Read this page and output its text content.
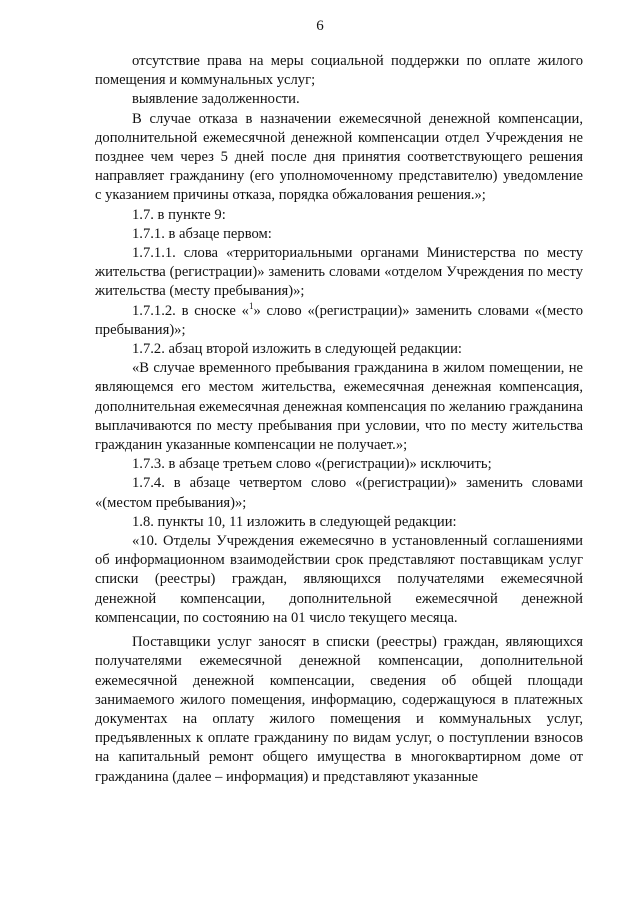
6

отсутствие права на меры социальной поддержки по оплате жилого помещения и коммунальных услуг;

выявление задолженности.

В случае отказа в назначении ежемесячной денежной компенсации, дополнительной ежемесячной денежной компенсации отдел Учреждения не позднее чем через 5 дней после дня принятия соответствующего решения направляет гражданину (его уполномоченному представителю) уведомление с указанием причины отказа, порядка обжалования решения.»;

1.7. в пункте 9:

1.7.1. в абзаце первом:

1.7.1.1. слова «территориальными органами Министерства по месту жительства (регистрации)» заменить словами «отделом Учреждения по месту жительства (месту пребывания)»;

1.7.1.2. в сноске «$^1$» слово «(регистрации)» заменить словами «(место пребывания)»;

1.7.2. абзац второй изложить в следующей редакции:

«В случае временного пребывания гражданина в жилом помещении, не являющемся его местом жительства, ежемесячная денежная компенсация, дополнительная ежемесячная денежная компенсация по желанию гражданина выплачиваются по месту пребывания при условии, что по месту жительства гражданин указанные компенсации не получает.»;

1.7.3. в абзаце третьем слово «(регистрации)» исключить;

1.7.4. в абзаце четвертом слово «(регистрации)» заменить словами «(местом пребывания)»;

1.8. пункты 10, 11 изложить в следующей редакции:

«10. Отделы Учреждения ежемесячно в установленный соглашениями об информационном взаимодействии срок представляют поставщикам услуг списки (реестры) граждан, являющихся получателями ежемесячной денежной компенсации, дополнительной ежемесячной денежной компенсации, по состоянию на 01 число текущего месяца.

Поставщики услуг заносят в списки (реестры) граждан, являющихся получателями ежемесячной денежной компенсации, дополнительной ежемесячной денежной компенсации, сведения об общей площади занимаемого жилого помещения, информацию, содержащуюся в платежных документах на оплату жилого помещения и коммунальных услуг, предъявленных к оплате гражданину по видам услуг, о поступлении взносов на капитальный ремонт общего имущества в многоквартирном доме от гражданина (далее – информация) и представляют указанные
